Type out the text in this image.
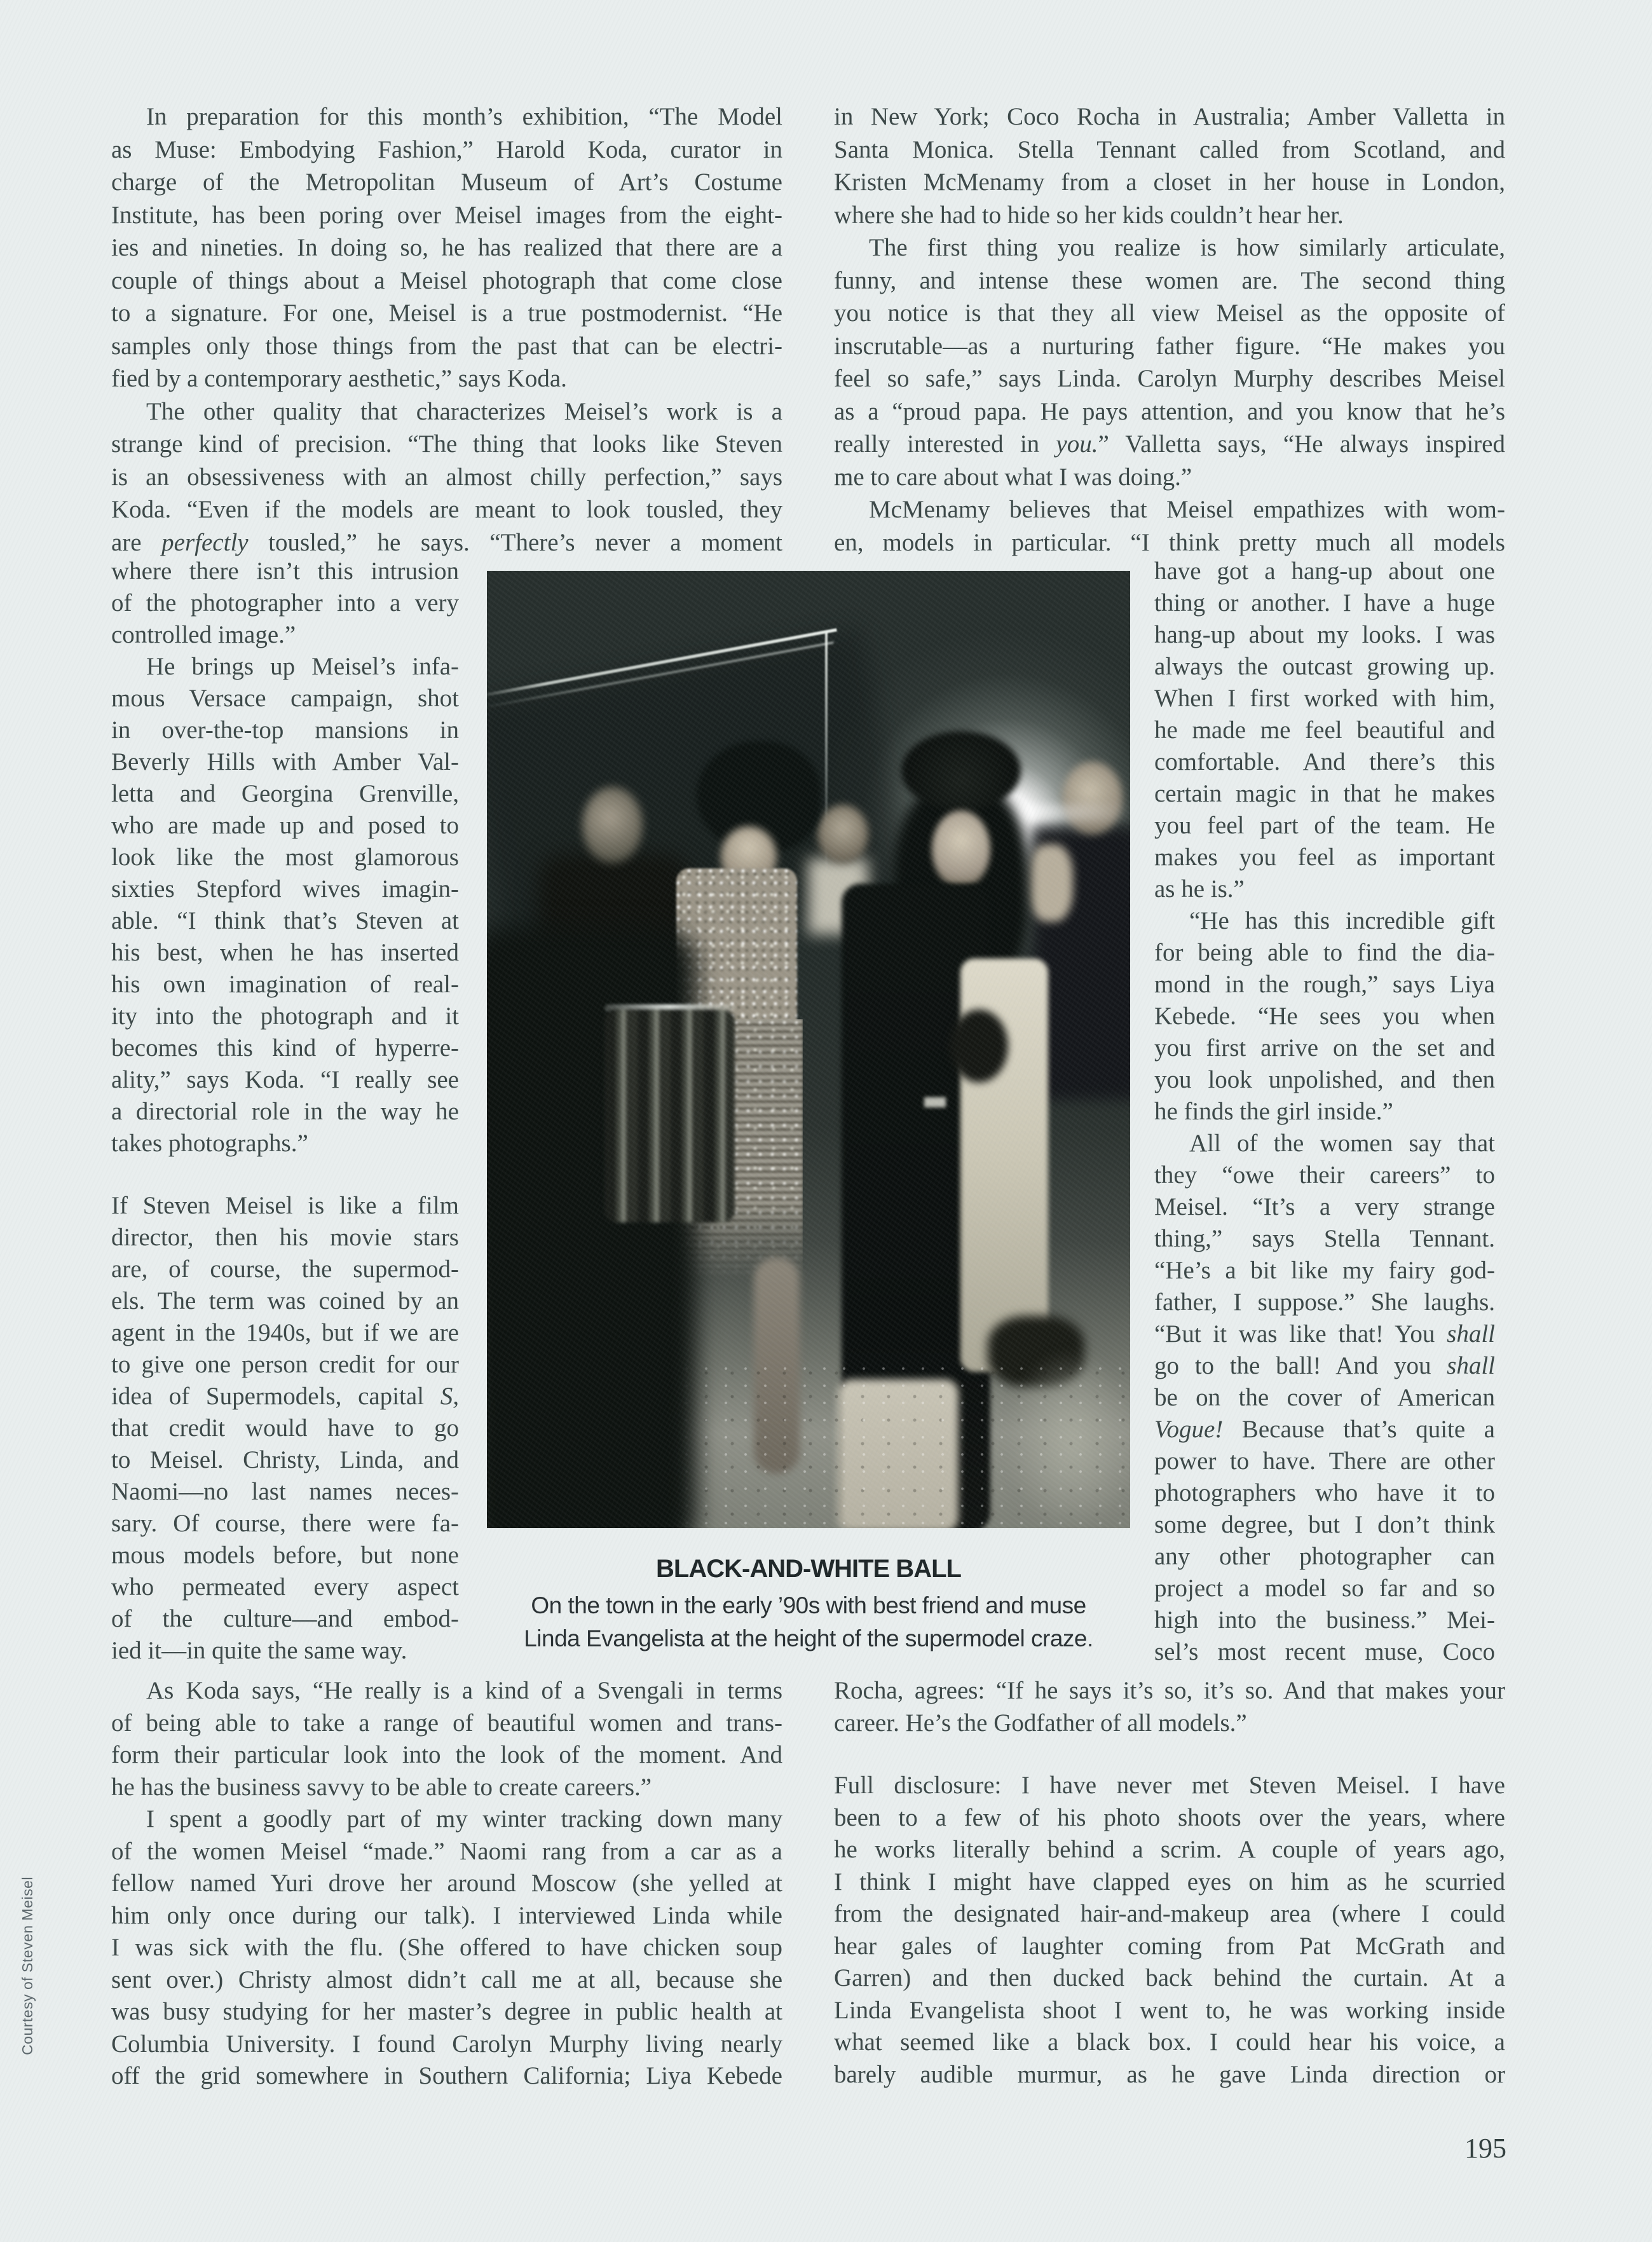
In preparation for this month’s exhibition, “The Model
as Muse: Embodying Fashion,” Harold Koda, curator in
charge of the Metropolitan Museum of Art’s Costume
Institute, has been poring over Meisel images from the eight-
ies and nineties. In doing so, he has realized that there are a
couple of things about a Meisel photograph that come close
to a signature. For one, Meisel is a true postmodernist. “He
samples only those things from the past that can be electri-
fied by a contemporary aesthetic,” says Koda.
The other quality that characterizes Meisel’s work is a
strange kind of precision. “The thing that looks like Steven
is an obsessiveness with an almost chilly perfection,” says
Koda. “Even if the models are meant to look tousled, they
are perfectly tousled,” he says. “There’s never a moment
in New York; Coco Rocha in Australia; Amber Valletta in
Santa Monica. Stella Tennant called from Scotland, and
Kristen McMenamy from a closet in her house in London,
where she had to hide so her kids couldn’t hear her.
The first thing you realize is how similarly articulate,
funny, and intense these women are. The second thing
you notice is that they all view Meisel as the opposite of
inscrutable—as a nurturing father figure. “He makes you
feel so safe,” says Linda. Carolyn Murphy describes Meisel
as a “proud papa. He pays attention, and you know that he’s
really interested in you.” Valletta says, “He always inspired
me to care about what I was doing.”
McMenamy believes that Meisel empathizes with wom-
en, models in particular. “I think pretty much all models
where there isn’t this intrusion
of the photographer into a very
controlled image.”
He brings up Meisel’s infa-
mous Versace campaign, shot
in over-the-top mansions in
Beverly Hills with Amber Val-
letta and Georgina Grenville,
who are made up and posed to
look like the most glamorous
sixties Stepford wives imagin-
able. “I think that’s Steven at
his best, when he has inserted
his own imagination of real-
ity into the photograph and it
becomes this kind of hyperre-
ality,” says Koda. “I really see
a directorial role in the way he
takes photographs.”
If Steven Meisel is like a film
director, then his movie stars
are, of course, the supermod-
els. The term was coined by an
agent in the 1940s, but if we are
to give one person credit for our
idea of Supermodels, capital S,
that credit would have to go
to Meisel. Christy, Linda, and
Naomi—no last names neces-
sary. Of course, there were fa-
mous models before, but none
who permeated every aspect
of the culture—and embod-
ied it—in quite the same way.
have got a hang-up about one
thing or another. I have a huge
hang-up about my looks. I was
always the outcast growing up.
When I first worked with him,
he made me feel beautiful and
comfortable. And there’s this
certain magic in that he makes
you feel part of the team. He
makes you feel as important
as he is.”
“He has this incredible gift
for being able to find the dia-
mond in the rough,” says Liya
Kebede. “He sees you when
you first arrive on the set and
you look unpolished, and then
he finds the girl inside.”
All of the women say that
they “owe their careers” to
Meisel. “It’s a very strange
thing,” says Stella Tennant.
“He’s a bit like my fairy god-
father, I suppose.” She laughs.
“But it was like that! You shall
go to the ball! And you shall
be on the cover of American
Vogue! Because that’s quite a
power to have. There are other
photographers who have it to
some degree, but I don’t think
any other photographer can
project a model so far and so
high into the business.” Mei-
sel’s most recent muse, Coco
As Koda says, “He really is a kind of a Svengali in terms
of being able to take a range of beautiful women and trans-
form their particular look into the look of the moment. And
he has the business savvy to be able to create careers.”
I spent a goodly part of my winter tracking down many
of the women Meisel “made.” Naomi rang from a car as a
fellow named Yuri drove her around Moscow (she yelled at
him only once during our talk). I interviewed Linda while
I was sick with the flu. (She offered to have chicken soup
sent over.) Christy almost didn’t call me at all, because she
was busy studying for her master’s degree in public health at
Columbia University. I found Carolyn Murphy living nearly
off the grid somewhere in Southern California; Liya Kebede
Rocha, agrees: “If he says it’s so, it’s so. And that makes your
career. He’s the Godfather of all models.”
Full disclosure: I have never met Steven Meisel. I have
been to a few of his photo shoots over the years, where
he works literally behind a scrim. A couple of years ago,
I think I might have clapped eyes on him as he scurried
from the designated hair-and-makeup area (where I could
hear gales of laughter coming from Pat McGrath and
Garren) and then ducked back behind the curtain. At a
Linda Evangelista shoot I went to, he was working inside
what seemed like a black box. I could hear his voice, a
barely audible murmur, as he gave Linda direction or
BLACK-AND-WHITE BALL
On the town in the early ’90s with best friend and muse
Linda Evangelista at the height of the supermodel craze.
Courtesy of Steven Meisel
195
